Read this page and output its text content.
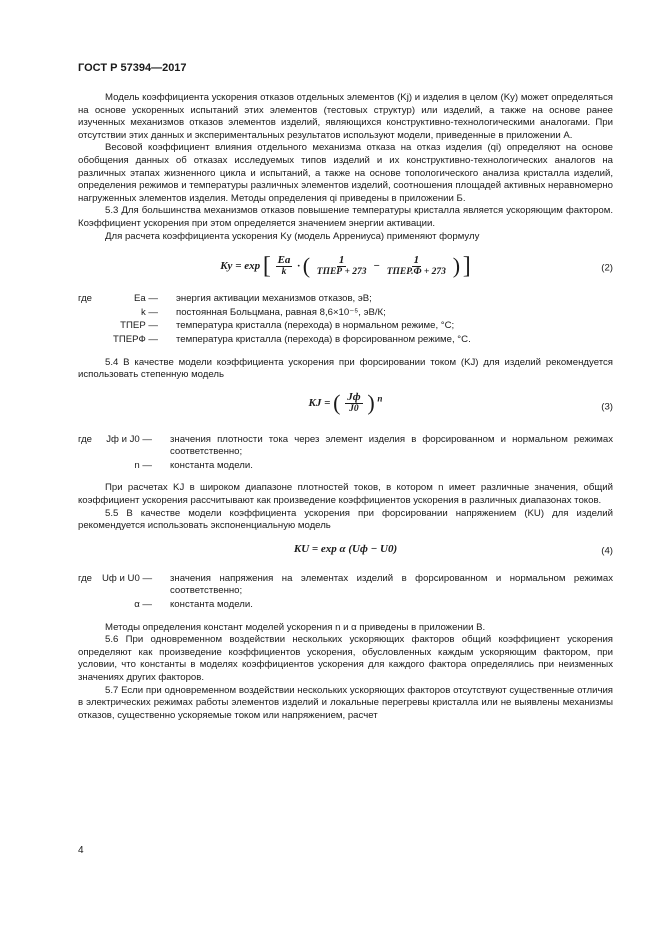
ГОСТ Р 57394—2017

Модель коэффициента ускорения отказов отдельных элементов (Kj) и изделия в целом (Ky) может определяться на основе ускоренных испытаний этих элементов (тестовых структур) или изделий, а также на основе ранее изученных механизмов отказов элементов изделий, являющихся конструктивно-технологическими аналогами. При отсутствии этих данных и экспериментальных результатов используют модели, приведенные в приложении А.

Весовой коэффициент влияния отдельного механизма отказа на отказ изделия (qi) определяют на основе обобщения данных об отказах исследуемых типов изделий и их конструктивно-технологических аналогов на различных этапах жизненного цикла и испытаний, а также на основе топологического анализа кристалла изделий, определения режимов и температуры различных элементов изделий, соотношения площадей активных неравномерно нагруженных элементов изделия. Методы определения qi приведены в приложении Б.

5.3 Для большинства механизмов отказов повышение температуры кристалла является ускоряющим фактором. Коэффициент ускорения при этом определяется значением энергии активации.

Для расчета коэффициента ускорения Ky (модель Аррениуса) применяют формулу

Ky = exp [ $\frac{Ea}{k}$ · ( $\frac{1}{\text{TПЕР + 273}} - \frac{1}{\text{TПЕР.Ф + 273}}$ ) ]	(2)
где	Ea —	энергия активации механизмов отказов, эВ;
k —	постоянная Больцмана, равная 8,6×10⁻⁵, эВ/К;
TПЕР —	температура кристалла (перехода) в нормальном режиме, °С;
TПЕРФ —	температура кристалла (перехода) в форсированном режиме, °С.

5.4 В качестве модели коэффициента ускорения при форсировании током (KJ) для изделий рекомендуется использовать степенную модель

KJ = ( $\frac{Jф}{J0}$ ) $^n$
(3)
где	Jф и J0 —	значения плотности тока через элемент изделия в форсированном и нормальном режимах соответственно;
n —	константа модели.

При расчетах KJ в широком диапазоне плотностей токов, в котором n имеет различные значения, общий коэффициент ускорения рассчитывают как произведение коэффициентов ускорения в различных диапазонах токов.

5.5 В качестве модели коэффициента ускорения при форсировании напряжением (KU) для изделий рекомендуется использовать экспоненциальную модель

KU = exp α (Uф − U0)	(4)
где	Uф и U0 —	значения напряжения на элементах изделий в форсированном и нормальном режимах соответственно;
α —	константа модели.

Методы определения констант моделей ускорения n и α приведены в приложении В.

5.6 При одновременном воздействии нескольких ускоряющих факторов общий коэффициент ускорения определяют как произведение коэффициентов ускорения, обусловленных каждым ускоряющим фактором, при условии, что константы в моделях коэффициентов ускорения для каждого фактора определялись при неизменных значениях других факторов.

5.7 Если при одновременном воздействии нескольких ускоряющих факторов отсутствуют существенные отличия в электрических режимах работы элементов изделий и локальные перегревы кристалла или не выявлены механизмы отказов, существенно ускоряемые током или напряжением, расчет

4
